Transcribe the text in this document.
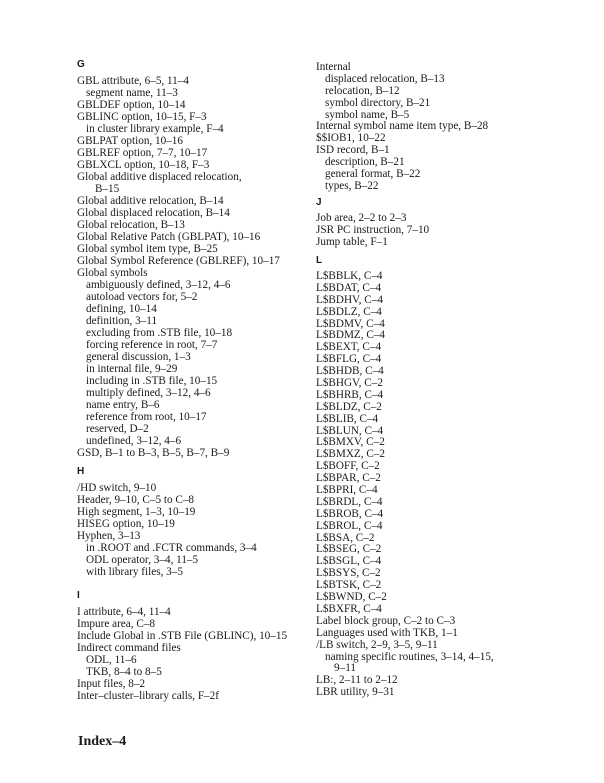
G
GBL attribute, 6–5, 11–4
segment name, 11–3
GBLDEF option, 10–14
GBLINC option, 10–15, F–3
in cluster library example, F–4
GBLPAT option, 10–16
GBLREF option, 7–7, 10–17
GBLXCL option, 10–18, F–3
Global additive displaced relocation,
B–15
Global additive relocation, B–14
Global displaced relocation, B–14
Global relocation, B–13
Global Relative Patch (GBLPAT), 10–16
Global symbol item type, B–25
Global Symbol Reference (GBLREF), 10–17
Global symbols
ambiguously defined, 3–12, 4–6
autoload vectors for, 5–2
defining, 10–14
definition, 3–11
excluding from .STB file, 10–18
forcing reference in root, 7–7
general discussion, 1–3
in internal file, 9–29
including in .STB file, 10–15
multiply defined, 3–12, 4–6
name entry, B–6
reference from root, 10–17
reserved, D–2
undefined, 3–12, 4–6
GSD, B–1 to B–3, B–5, B–7, B–9
H
/HD switch, 9–10
Header, 9–10, C–5 to C–8
High segment, 1–3, 10–19
HISEG option, 10–19
Hyphen, 3–13
in .ROOT and .FCTR commands, 3–4
ODL operator, 3–4, 11–5
with library files, 3–5
I
I attribute, 6–4, 11–4
Impure area, C–8
Include Global in .STB File (GBLINC), 10–15
Indirect command files
ODL, 11–6
TKB, 8–4 to 8–5
Input files, 8–2
Inter–cluster–library calls, F–2f
Internal
displaced relocation, B–13
relocation, B–12
symbol directory, B–21
symbol name, B–5
Internal symbol name item type, B–28
$$IOB1, 10–22
ISD record, B–1
description, B–21
general format, B–22
types, B–22
J
Job area, 2–2 to 2–3
JSR PC instruction, 7–10
Jump table, F–1
L
L$BBLK, C–4
L$BDAT, C–4
L$BDHV, C–4
L$BDLZ, C–4
L$BDMV, C–4
L$BDMZ, C–4
L$BEXT, C–4
L$BFLG, C–4
L$BHDB, C–4
L$BHGV, C–2
L$BHRB, C–4
L$BLDZ, C–2
L$BLIB, C–4
L$BLUN, C–4
L$BMXV, C–2
L$BMXZ, C–2
L$BOFF, C–2
L$BPAR, C–2
L$BPRI, C–4
L$BRDL, C–4
L$BROB, C–4
L$BROL, C–4
L$BSA, C–2
L$BSEG, C–2
L$BSGL, C–4
L$BSYS, C–2
L$BTSK, C–2
L$BWND, C–2
L$BXFR, C–4
Label block group, C–2 to C–3
Languages used with TKB, 1–1
/LB switch, 2–9, 3–5, 9–11
naming specific routines, 3–14, 4–15,
9–11
LB:, 2–11 to 2–12
LBR utility, 9–31
Index–4
